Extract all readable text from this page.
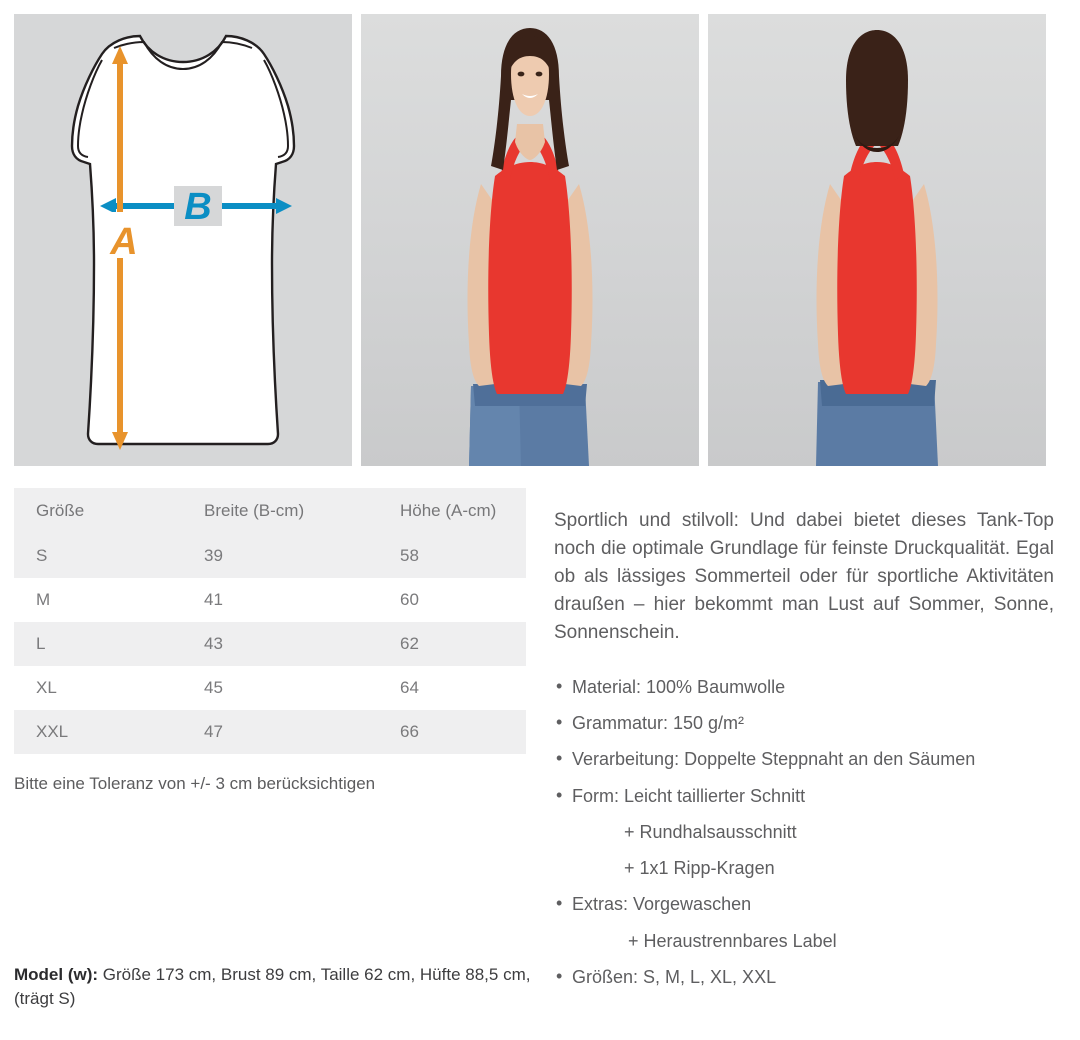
B
A
Größe	Breite (B-cm)	Höhe (A-cm)
S	39	58
M	41	60
L	43	62
XL	45	64
XXL	47	66
Bitte eine Toleranz von +/- 3 cm berücksichtigen

Sportlich und stilvoll: Und dabei bietet dieses Tank-Top noch die optimale Grundlage für feinste Druckqualität. Egal ob als lässiges Sommerteil oder für sportliche Aktivitäten draußen – hier bekommt man Lust auf Sommer, Sonne, Sonnenschein.

• Material: 100% Baumwolle
• Grammatur: 150 g/m²
• Verarbeitung: Doppelte Steppnaht an den Säumen
• Form: Leicht taillierter Schnitt
+ Rundhalsausschnitt
+ 1x1 Ripp-Kragen
• Extras: Vorgewaschen
+ Heraustrennbares Label
• Größen: S, M, L, XL, XXL
Model (w): Größe 173 cm, Brust 89 cm, Taille 62 cm, Hüfte 88,5 cm, (trägt S)
